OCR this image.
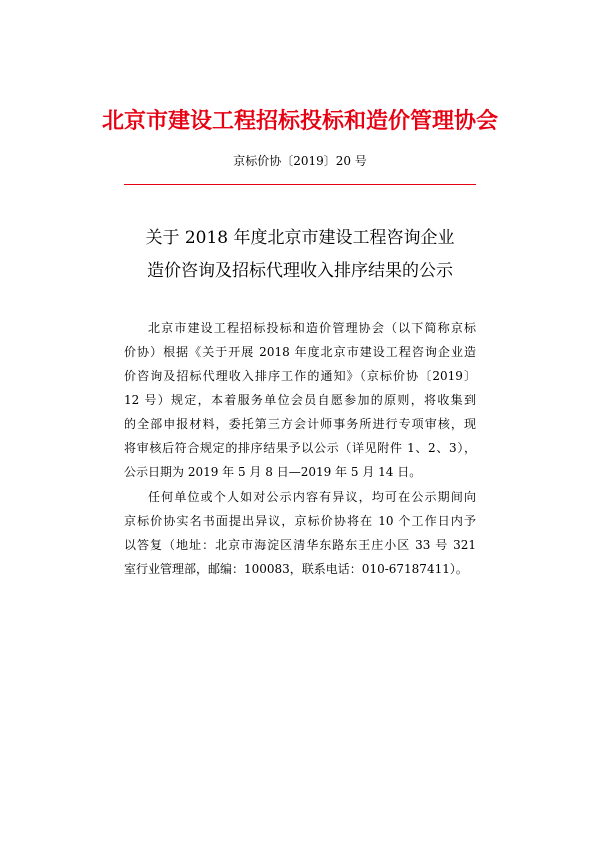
北京市建设工程招标投标和造价管理协会
京标价协〔2019〕20 号
关于 2018 年度北京市建设工程咨询企业
造价咨询及招标代理收入排序结果的公示
北京市建设工程招标投标和造价管理协会（以下简称京标
价协）根据《关于开展 2018 年度北京市建设工程咨询企业造
价咨询及招标代理收入排序工作的通知》（京标价协〔2019〕
12 号）规定，本着服务单位会员自愿参加的原则，将收集到
的全部申报材料，委托第三方会计师事务所进行专项审核，现
将审核后符合规定的排序结果予以公示（详见附件 1、2、3），
公示日期为 2019 年 5 月 8 日—2019 年 5 月 14 日。
任何单位或个人如对公示内容有异议，均可在公示期间向
京标价协实名书面提出异议，京标价协将在 10 个工作日内予
以答复（地址：北京市海淀区清华东路东王庄小区 33 号 321
室行业管理部，邮编：100083，联系电话：010-67187411）。
